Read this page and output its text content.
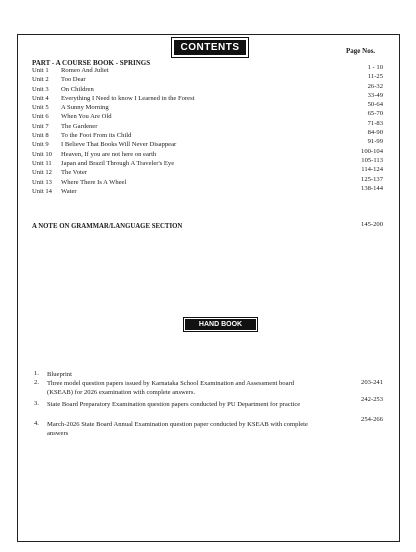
CONTENTS	Page Nos.
PART - A COURSE BOOK - SPRINGS
Unit 1 Romeo And Juliet	1 - 10
Unit 2 Too Dear	11-25
Unit 3 On Children	26-32
Unit 4 Everything I Need to know I Learned in the Forest	33-49
Unit 5 A Sunny Morning	50-64
Unit 6 When You Are Old	65-70
Unit 7 The Gardener	71-83
Unit 8 To the Foot From its Child	84-90
Unit 9 I Believe That Books Will Never Disappear	91-99
Unit 10 Heaven, If you are not here on earth	100-104
Unit 11 Japan and Brazil Through A Traveler's Eye	105-113
Unit 12 The Voter	114-124
Unit 13 Where There Is A Wheel	125-137
Unit 14 Water	138-144
A NOTE ON GRAMMAR/LANGUAGE SECTION	145-200
HAND BOOK
1. Blueprint
2. Three model question papers issued by Karnataka School Examination and Assessment board (KSEAB) for 2026 examination with complete answers.
203-241
3. State Board Preparatory Examination question papers conducted by PU Department for practice
242-253
4. March-2026 State Board Annual Examination question paper conducted by KSEAB with complete answers
254-266
